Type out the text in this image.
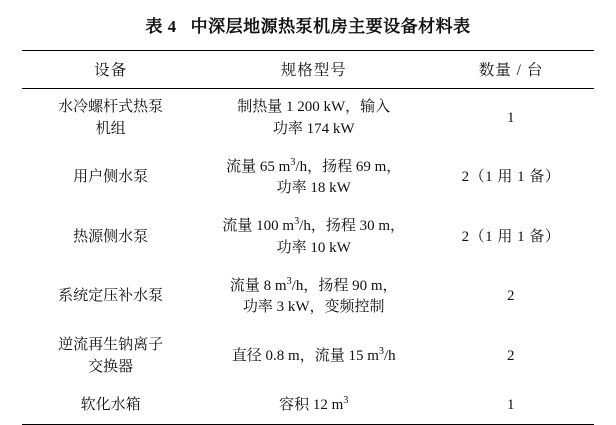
表 4 中深层地源热泵机房主要设备材料表
设备	规格型号	数量 / 台

水冷螺杆式热泵
机组	制热量 1 200 kW，输入
功率 174 kW	1

用户侧水泵	流量 65 $m^3/h$，扬程 69 m，
功率 18 kW	2（1 用 1 备）

热源侧水泵	流量 100 $m^3/h$，扬程 30 m，
功率 10 kW	2（1 用 1 备）

系统定压补水泵	流量 8 $m^3/h$，扬程 90 m，
功率 3 kW，变频控制	2

逆流再生钠离子
交换器	直径 0.8 m，流量 15 $m^3/h$	2

软化水箱	容积 12 $m^3$	1
